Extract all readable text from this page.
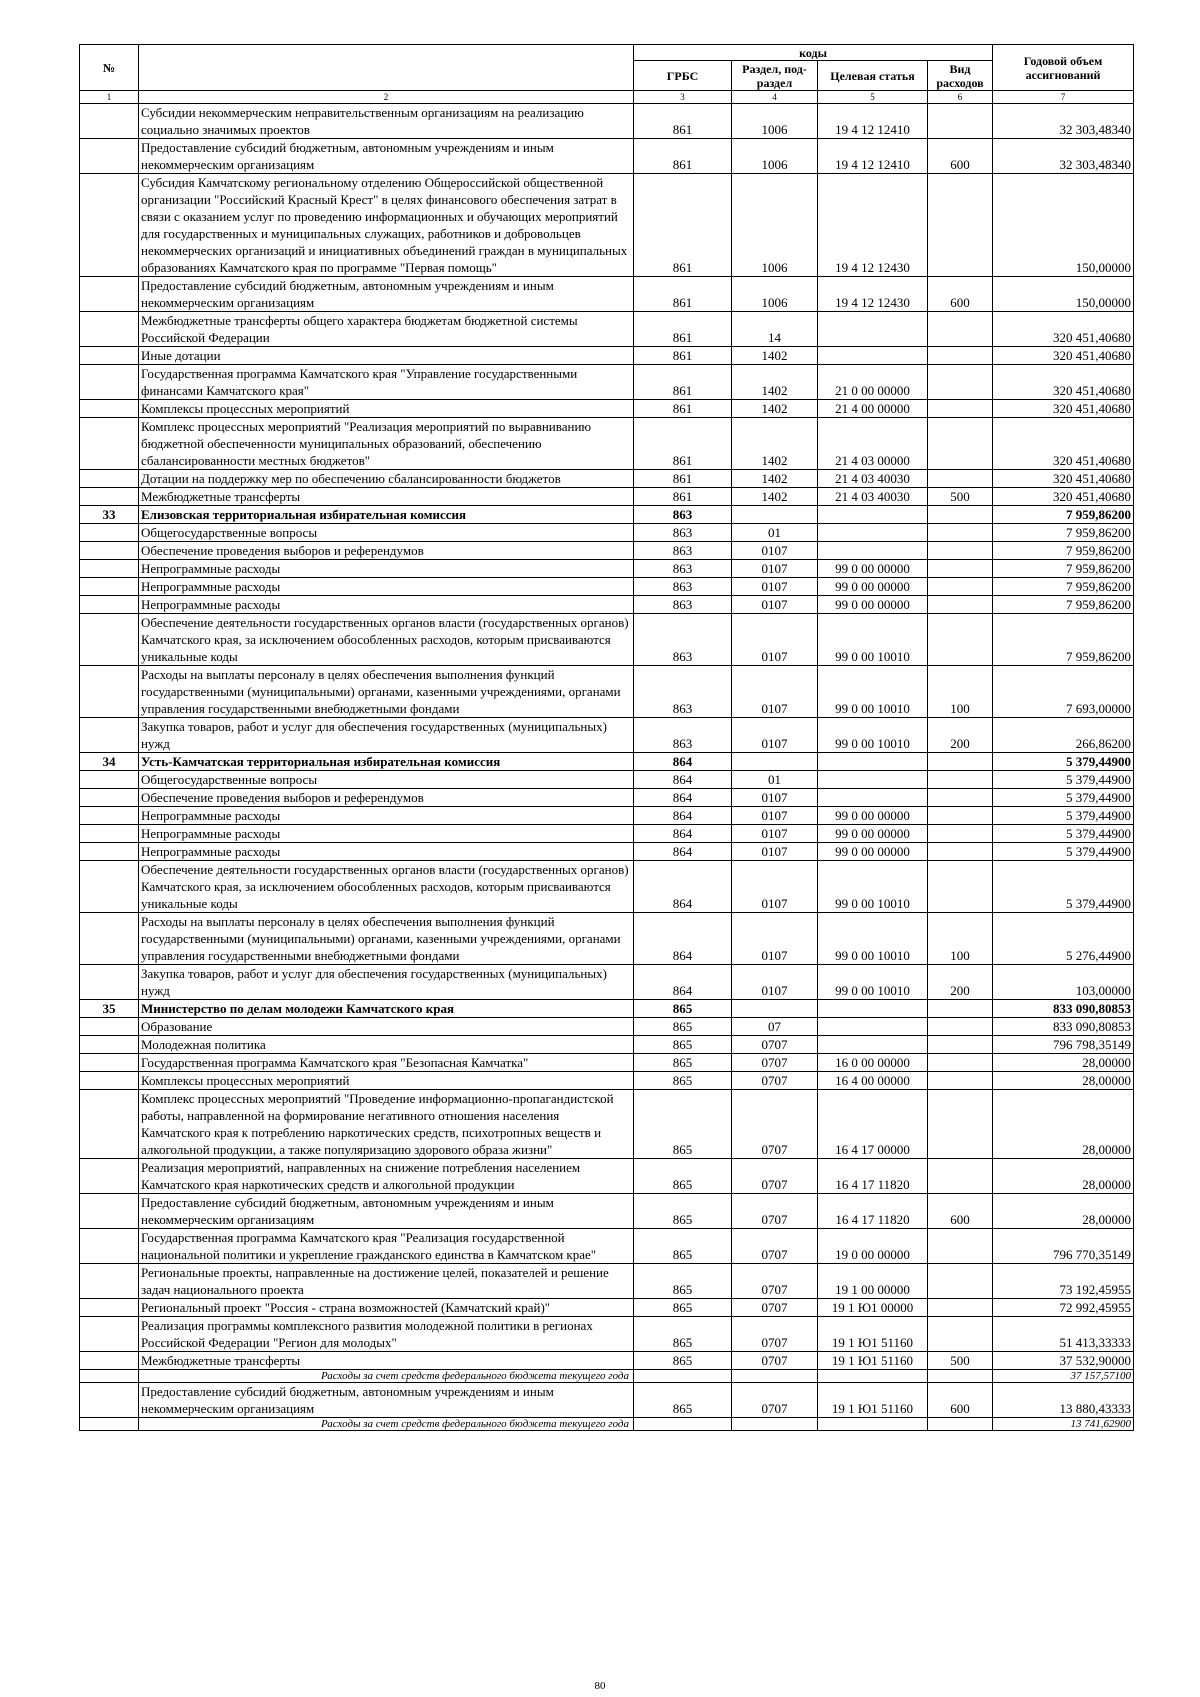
№		коды				Годовой объем ассигнований
		ГРБС	Раздел, под-раздел	Целевая статья	Вид расходов	
1	2	3	4	5	6	7
	Субсидии некоммерческим неправительственным организациям на реализацию социально значимых проектов	861	1006	19 4 12 12410		32 303,48340
	Предоставление субсидий бюджетным, автономным учреждениям и иным некоммерческим организациям	861	1006	19 4 12 12410	600	32 303,48340
	Субсидия Камчатскому региональному отделению Общероссийской общественной организации "Российский Красный Крест" в целях финансового обеспечения затрат в связи с оказанием услуг по проведению информационных и обучающих мероприятий для государственных и муниципальных служащих, работников и добровольцев некоммерческих организаций и инициативных объединений граждан в муниципальных образованиях Камчатского края по программе "Первая помощь"	861	1006	19 4 12 12430		150,00000
	Предоставление субсидий бюджетным, автономным учреждениям и иным некоммерческим организациям	861	1006	19 4 12 12430	600	150,00000
	Межбюджетные трансферты общего характера бюджетам бюджетной системы Российской Федерации	861	14			320 451,40680
	Иные дотации	861	1402			320 451,40680
	Государственная программа Камчатского края "Управление государственными финансами Камчатского края"	861	1402	21 0 00 00000		320 451,40680
	Комплексы процессных мероприятий	861	1402	21 4 00 00000		320 451,40680
	Комплекс процессных мероприятий "Реализация мероприятий по выравниванию бюджетной обеспеченности муниципальных образований, обеспечению сбалансированности местных бюджетов"	861	1402	21 4 03 00000		320 451,40680
	Дотации на поддержку мер по обеспечению сбалансированности бюджетов	861	1402	21 4 03 40030		320 451,40680
	Межбюджетные трансферты	861	1402	21 4 03 40030	500	320 451,40680
33	Елизовская территориальная избирательная комиссия	863				7 959,86200
	Общегосударственные вопросы	863	01			7 959,86200
	Обеспечение проведения выборов и референдумов	863	0107			7 959,86200
	Непрограммные расходы	863	0107	99 0 00 00000		7 959,86200
	Непрограммные расходы	863	0107	99 0 00 00000		7 959,86200
	Непрограммные расходы	863	0107	99 0 00 00000		7 959,86200
	Обеспечение деятельности государственных органов власти (государственных органов) Камчатского края, за исключением обособленных расходов, которым присваиваются уникальные коды	863	0107	99 0 00 10010		7 959,86200
	Расходы на выплаты персоналу в целях обеспечения выполнения функций государственными (муниципальными) органами, казенными учреждениями, органами управления государственными внебюджетными фондами	863	0107	99 0 00 10010	100	7 693,00000
	Закупка товаров, работ и услуг для обеспечения государственных (муниципальных) нужд	863	0107	99 0 00 10010	200	266,86200
34	Усть-Камчатская территориальная избирательная комиссия	864				5 379,44900
	Общегосударственные вопросы	864	01			5 379,44900
	Обеспечение проведения выборов и референдумов	864	0107			5 379,44900
	Непрограммные расходы	864	0107	99 0 00 00000		5 379,44900
	Непрограммные расходы	864	0107	99 0 00 00000		5 379,44900
	Непрограммные расходы	864	0107	99 0 00 00000		5 379,44900
	Обеспечение деятельности государственных органов власти (государственных органов) Камчатского края, за исключением обособленных расходов, которым присваиваются уникальные коды	864	0107	99 0 00 10010		5 379,44900
	Расходы на выплаты персоналу в целях обеспечения выполнения функций государственными (муниципальными) органами, казенными учреждениями, органами управления государственными внебюджетными фондами	864	0107	99 0 00 10010	100	5 276,44900
	Закупка товаров, работ и услуг для обеспечения государственных (муниципальных) нужд	864	0107	99 0 00 10010	200	103,00000
35	Министерство по делам молодежи Камчатского края	865				833 090,80853
	Образование	865	07			833 090,80853
	Молодежная политика	865	0707			796 798,35149
	Государственная программа Камчатского края "Безопасная Камчатка"	865	0707	16 0 00 00000		28,00000
	Комплексы процессных мероприятий	865	0707	16 4 00 00000		28,00000
	Комплекс процессных мероприятий "Проведение информационно-пропагандистской работы, направленной на формирование негативного отношения населения Камчатского края к потреблению наркотических средств, психотропных веществ и алкогольной продукции, а также популяризацию здорового образа жизни"	865	0707	16 4 17 00000		28,00000
	Реализация мероприятий, направленных на снижение потребления населением Камчатского края наркотических средств и алкогольной продукции	865	0707	16 4 17 11820		28,00000
	Предоставление субсидий бюджетным, автономным учреждениям и иным некоммерческим организациям	865	0707	16 4 17 11820	600	28,00000
	Государственная программа Камчатского края "Реализация государственной национальной политики и укрепление гражданского единства в Камчатском крае"	865	0707	19 0 00 00000		796 770,35149
	Региональные проекты, направленные на достижение целей, показателей и решение задач национального проекта	865	0707	19 1 00 00000		73 192,45955
	Региональный проект "Россия - страна возможностей (Камчатский край)"	865	0707	19 1 Ю1 00000		72 992,45955
	Реализация программы комплексного развития молодежной политики в регионах Российской Федерации "Регион для молодых"	865	0707	19 1 Ю1 51160		51 413,33333
	Межбюджетные трансферты	865	0707	19 1 Ю1 51160	500	37 532,90000
	Расходы за счет средств федерального бюджета текущего года					37 157,57100
	Предоставление субсидий бюджетным, автономным учреждениям и иным некоммерческим организациям	865	0707	19 1 Ю1 51160	600	13 880,43333
	Расходы за счет средств федерального бюджета текущего года					13 741,62900
80
